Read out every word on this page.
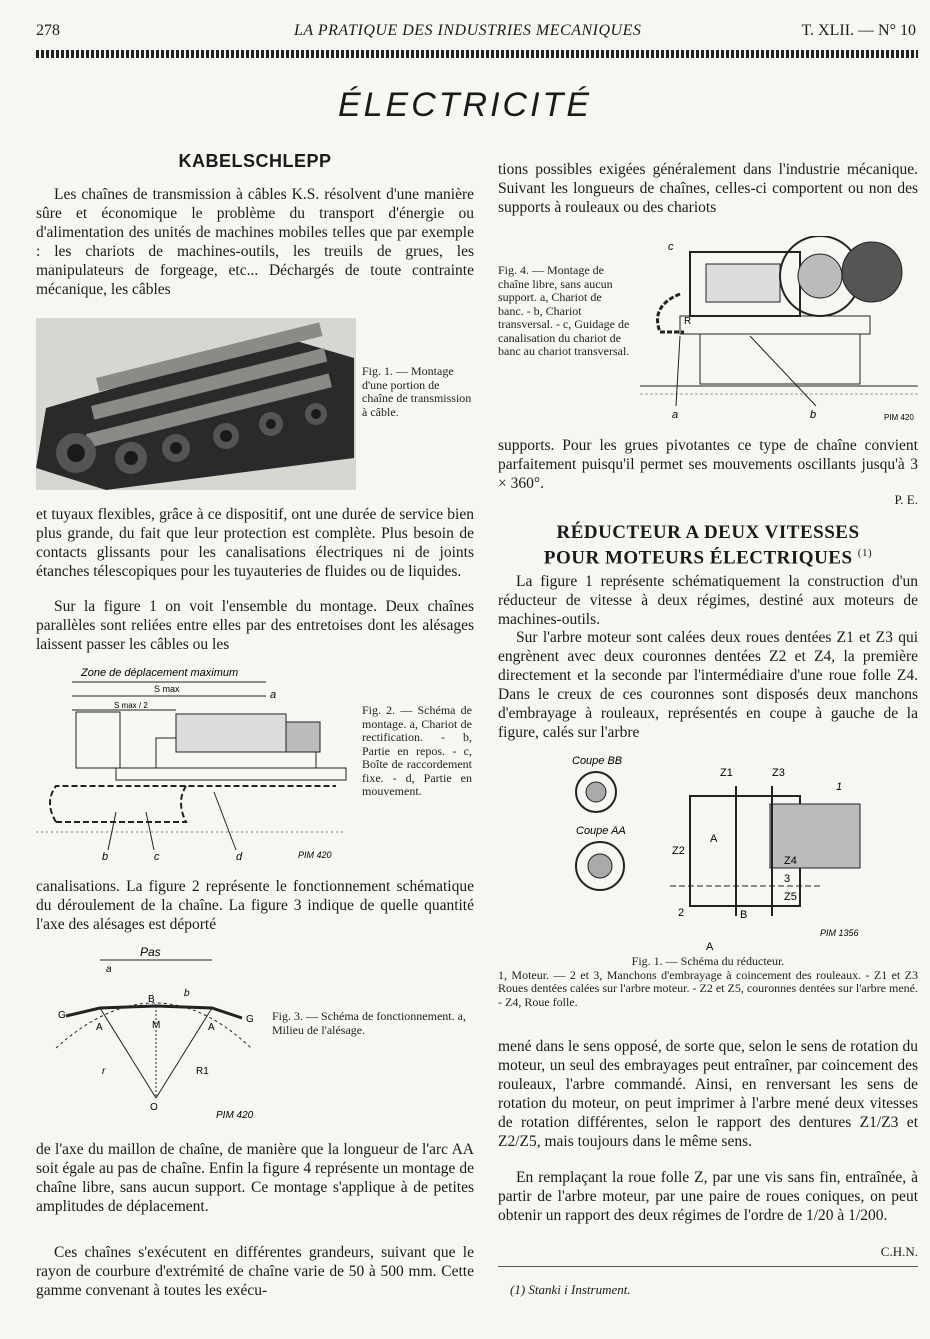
278	LA PRATIQUE DES INDUSTRIES MECANIQUES	T. XLII. — N° 10
ÉLECTRICITÉ
KABELSCHLEPP

Les chaînes de transmission à câbles K.S. résolvent d'une manière sûre et économique le problème du transport d'énergie ou d'alimentation des unités de machines mobiles telles que par exemple : les chariots de machines-outils, les treuils de grues, les manipulateurs de forgeage, etc... Déchargés de toute contrainte mécanique, les câbles

Fig. 1. — Montage d'une portion de chaîne de transmission à câble.

et tuyaux flexibles, grâce à ce dispositif, ont une durée de service bien plus grande, du fait que leur protection est complète. Plus besoin de contacts glissants pour les canalisations électriques ni de joints étanches télescopiques pour les tuyauteries de fluides ou de liquides.

Sur la figure 1 on voit l'ensemble du montage. Deux chaînes parallèles sont reliées entre elles par des entretoises dont les alésages laissent passer les câbles ou les

Zone de déplacement maximum
S max
S max / 2
a
b	c	d	PIM 420

Fig. 2. — Schéma de montage. a, Chariot de rectification. - b, Partie en repos. - c, Boîte de raccordement fixe. - d, Partie en mouvement.

canalisations. La figure 2 représente le fonctionnement schématique du déroulement de la chaîne. La figure 3 indique de quelle quantité l'axe des alésages est déporté

Pas
a
b
G	G
B
M
A	A
r	R1
O
PIM 420

Fig. 3. — Schéma de fonctionnement. a, Milieu de l'alésage.

de l'axe du maillon de chaîne, de manière que la longueur de l'arc AA soit égale au pas de chaîne. Enfin la figure 4 représente un montage de chaîne libre, sans aucun support. Ce montage s'applique à de petites amplitudes de déplacement.

Ces chaînes s'exécutent en différentes grandeurs, suivant que le rayon de courbure d'extrémité de chaîne varie de 50 à 500 mm. Cette gamme convenant à toutes les exécu-

tions possibles exigées généralement dans l'industrie mécanique. Suivant les longueurs de chaînes, celles-ci comportent ou non des supports à rouleaux ou des chariots

Fig. 4. — Montage de chaîne libre, sans aucun support. a, Chariot de banc. - b, Chariot transversal. - c, Guidage de canalisation du chariot de banc au chariot transversal.

c
R
a	b	PIM 420

supports. Pour les grues pivotantes ce type de chaîne convient parfaitement puisqu'il permet ses mouvements oscillants jusqu'à 3 × 360°.

P. E.
RÉDUCTEUR A DEUX VITESSES
POUR MOTEURS ÉLECTRIQUES $^{(1)}$

La figure 1 représente schématiquement la construction d'un réducteur de vitesse à deux régimes, destiné aux moteurs de machines-outils.

Sur l'arbre moteur sont calées deux roues dentées Z1 et Z3 qui engrènent avec deux couronnes dentées Z2 et Z4, la première directement et la seconde par l'intermédiaire d'une roue folle Z4. Dans le creux de ces couronnes sont disposés deux manchons d'embrayage à rouleaux, représentés en coupe à gauche de la figure, calés sur l'arbre

Coupe BB
Coupe AA
Z1	Z3
1
Z2
Z4
3
Z5
2
A
A
B
PIM 1356

Fig. 1. — Schéma du réducteur.

1, Moteur. — 2 et 3, Manchons d'embrayage à coincement des rouleaux. - Z1 et Z3 Roues dentées calées sur l'arbre moteur. - Z2 et Z5, couronnes dentées sur l'arbre mené. - Z4, Roue folle.

mené dans le sens opposé, de sorte que, selon le sens de rotation du moteur, un seul des embrayages peut entraîner, par coincement des rouleaux, l'arbre commandé. Ainsi, en renversant les sens de rotation du moteur, on peut imprimer à l'arbre mené deux vitesses de rotation différentes, selon le rapport des dentures Z1/Z3 et Z2/Z5, mais toujours dans le même sens.

En remplaçant la roue folle Z, par une vis sans fin, entraînée, à partir de l'arbre moteur, par une paire de roues coniques, on peut obtenir un rapport des deux régimes de l'ordre de 1/20 à 1/200.

C.H.N.
(1) Stanki i Instrument.
